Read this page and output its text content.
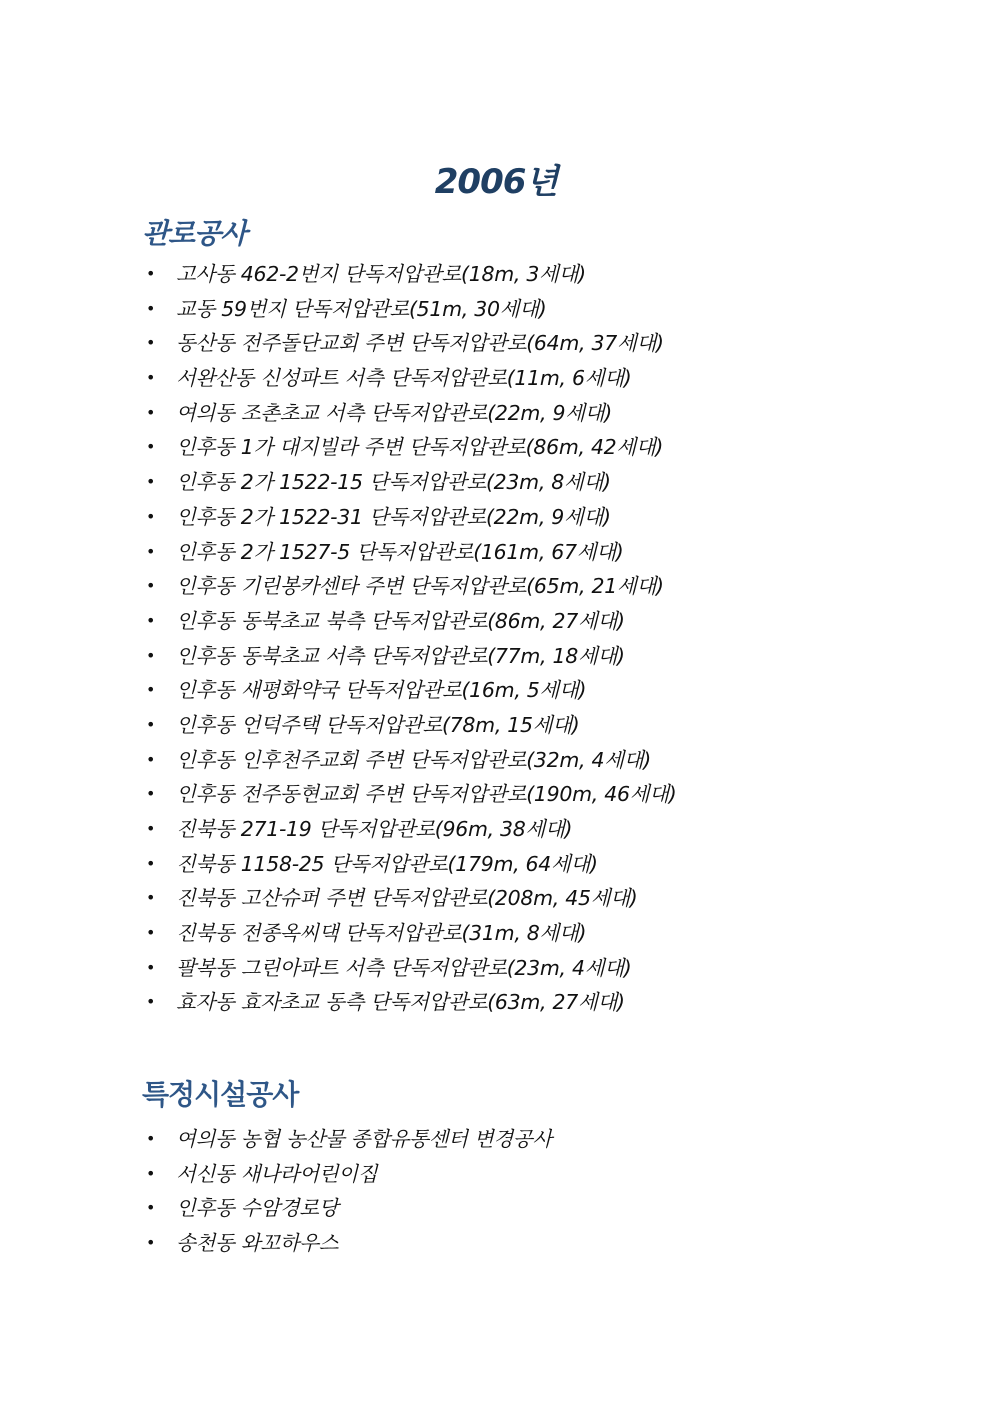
2006년
관로공사
• 고사동 462-2번지 단독저압관로(18m, 3세대)
• 교동 59번지 단독저압관로(51m, 30세대)
• 동산동 전주돌단교회 주변 단독저압관로(64m, 37세대)
• 서완산동 신성파트 서측 단독저압관로(11m, 6세대)
• 여의동 조촌초교 서측 단독저압관로(22m, 9세대)
• 인후동 1가 대지빌라 주변 단독저압관로(86m, 42세대)
• 인후동 2가 1522-15 단독저압관로(23m, 8세대)
• 인후동 2가 1522-31 단독저압관로(22m, 9세대)
• 인후동 2가 1527-5 단독저압관로(161m, 67세대)
• 인후동 기린봉카센타 주변 단독저압관로(65m, 21세대)
• 인후동 동북초교 북측 단독저압관로(86m, 27세대)
• 인후동 동북초교 서측 단독저압관로(77m, 18세대)
• 인후동 새평화약국 단독저압관로(16m, 5세대)
• 인후동 언덕주택 단독저압관로(78m, 15세대)
• 인후동 인후천주교회 주변 단독저압관로(32m, 4세대)
• 인후동 전주동현교회 주변 단독저압관로(190m, 46세대)
• 진북동 271-19 단독저압관로(96m, 38세대)
• 진북동 1158-25 단독저압관로(179m, 64세대)
• 진북동 고산슈퍼 주변 단독저압관로(208m, 45세대)
• 진북동 전종옥씨댁 단독저압관로(31m, 8세대)
• 팔복동 그린아파트 서측 단독저압관로(23m, 4세대)
• 효자동 효자초교 동측 단독저압관로(63m, 27세대)
특정시설공사
• 여의동 농협 농산물 종합유통센터 변경공사
• 서신동 새나라어린이집
• 인후동 수암경로당
• 송천동 와꼬하우스
